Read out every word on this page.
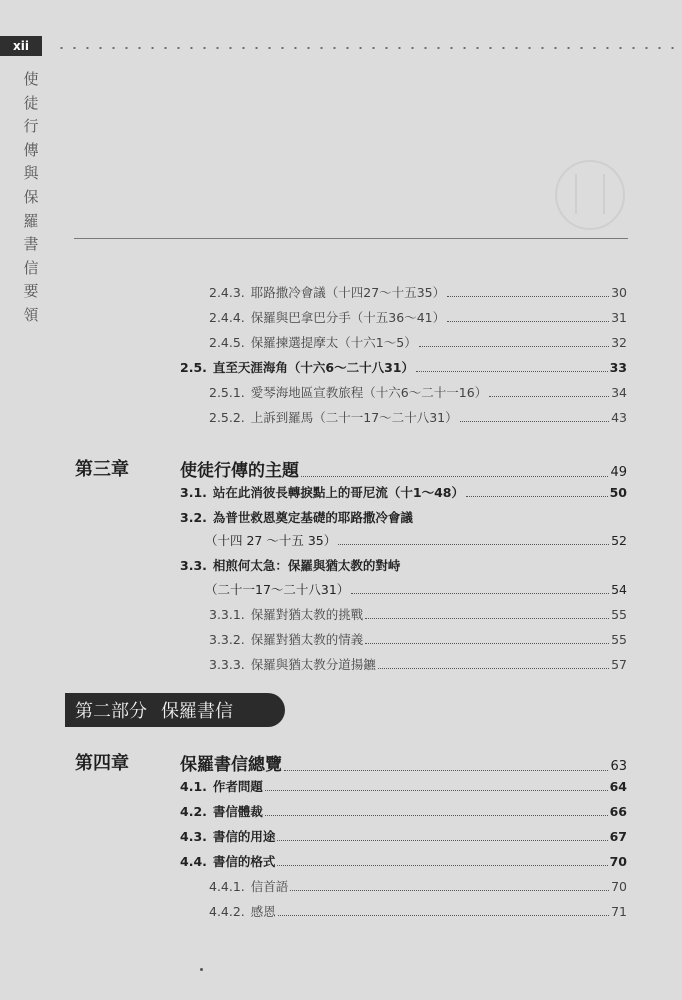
xii
使
徒
行
傳
與
保
羅
書
信
要
領
2.4.3. 耶路撒冷會議（十四27～十五35）	30
2.4.4. 保羅與巴拿巴分手（十五36～41）	31
2.4.5. 保羅揀選提摩太（十六1～5）	32
2.5. 直至天涯海角（十六6～二十八31）	33
2.5.1. 愛琴海地區宣教旅程（十六6～二十一16）	34
2.5.2. 上訴到羅馬（二十一17～二十八31）	43
第三章	使徒行傳的主題	49
3.1. 站在此消彼長轉捩點上的哥尼流（十1～48）	50
3.2. 為普世救恩奠定基礎的耶路撒冷會議
（十四 27 ～十五 35）	52
3.3. 相煎何太急：保羅與猶太教的對峙
（二十一17～二十八31）	54
3.3.1. 保羅對猶太教的挑戰	55
3.3.2. 保羅對猶太教的情義	55
3.3.3. 保羅與猶太教分道揚鑣	57
第二部分 保羅書信
第四章	保羅書信總覽	63
4.1. 作者問題	64
4.2. 書信體裁	66
4.3. 書信的用途	67
4.4. 書信的格式	70
4.4.1. 信首語	70
4.4.2. 感恩	71
